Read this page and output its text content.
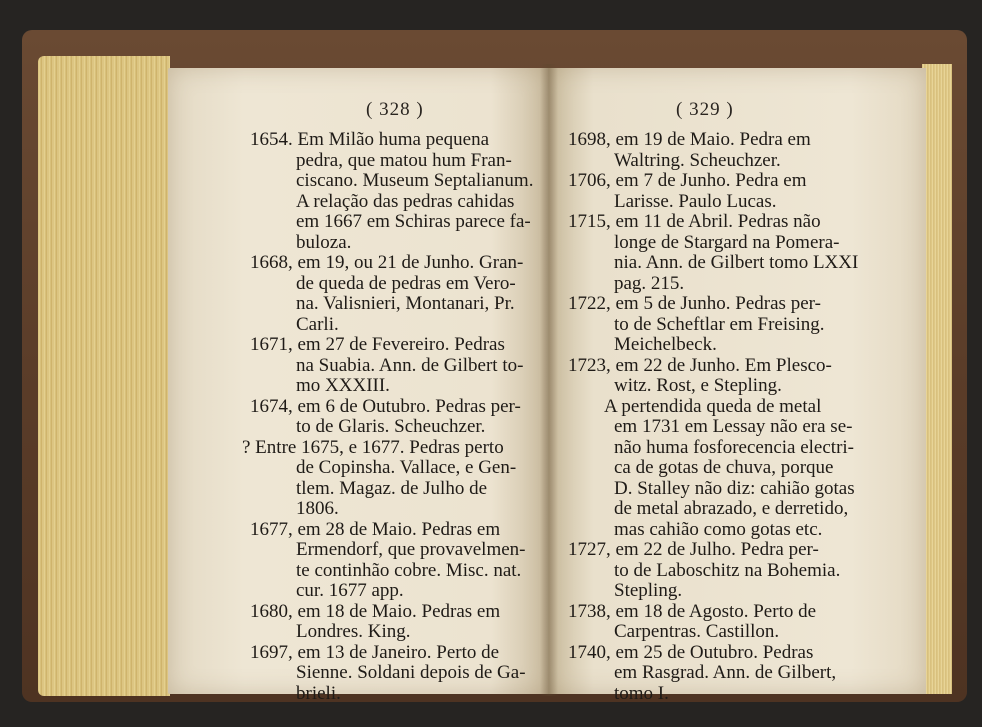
( 328 )	( 329 )
1654. Em Milão huma pequena
pedra, que matou hum Fran-
ciscano. Museum Septalianum.
A relação das pedras cahidas
em 1667 em Schiras parece fa-
buloza.
1668, em 19, ou 21 de Junho. Gran-
de queda de pedras em Vero-
na. Valisnieri, Montanari, Pr.
Carli.
1671, em 27 de Fevereiro. Pedras
na Suabia. Ann. de Gilbert to-
mo XXXIII.
1674, em 6 de Outubro. Pedras per-
to de Glaris. Scheuchzer.
? Entre 1675, e 1677. Pedras perto
de Copinsha. Vallace, e Gen-
tlem. Magaz. de Julho de
1806.
1677, em 28 de Maio. Pedras em
Ermendorf, que provavelmen-
te continhão cobre. Misc. nat.
cur. 1677 app.
1680, em 18 de Maio. Pedras em
Londres. King.
1697, em 13 de Janeiro. Perto de
Sienne. Soldani depois de Ga-
brieli.
1698, em 19 de Maio. Pedra em
Waltring. Scheuchzer.
1706, em 7 de Junho. Pedra em
Larisse. Paulo Lucas.
1715, em 11 de Abril. Pedras não
longe de Stargard na Pomera-
nia. Ann. de Gilbert tomo LXXI
pag. 215.
1722, em 5 de Junho. Pedras per-
to de Scheftlar em Freising.
Meichelbeck.
1723, em 22 de Junho. Em Plesco-
witz. Rost, e Stepling.
A pertendida queda de metal
em 1731 em Lessay não era se-
não huma fosforecencia electri-
ca de gotas de chuva, porque
D. Stalley não diz: cahião gotas
de metal abrazado, e derretido,
mas cahião como gotas etc.
1727, em 22 de Julho. Pedra per-
to de Laboschitz na Bohemia.
Stepling.
1738, em 18 de Agosto. Perto de
Carpentras. Castillon.
1740, em 25 de Outubro. Pedras
em Rasgrad. Ann. de Gilbert,
tomo I.
